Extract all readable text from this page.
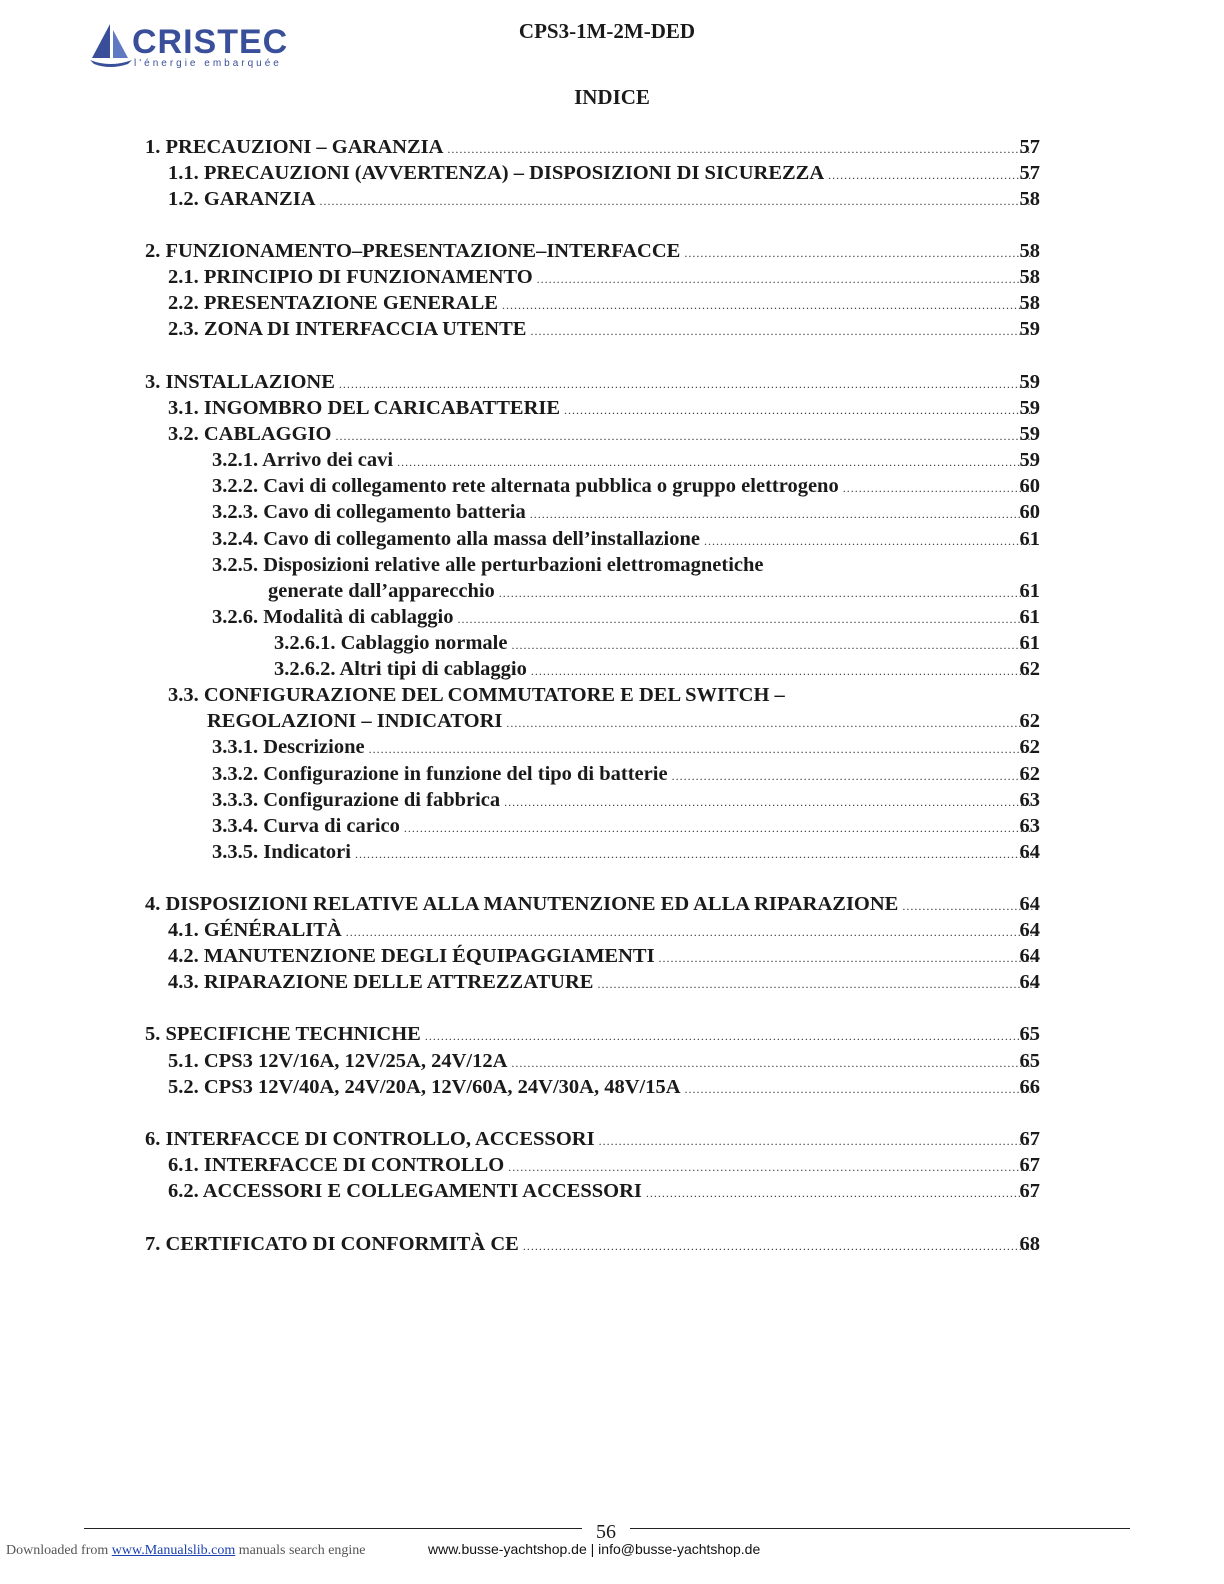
CRISTEC
l'énergie embarquée
CPS3-1M-2M-DED
INDICE
1. PRECAUZIONI – GARANZIA .....	57
1.1. PRECAUZIONI (AVVERTENZA) – DISPOSIZIONI DI SICUREZZA .....	57
1.2. GARANZIA .....	58
2. FUNZIONAMENTO–PRESENTAZIONE–INTERFACCE .....	58
2.1. PRINCIPIO DI FUNZIONAMENTO .....	58
2.2. PRESENTAZIONE GENERALE .....	58
2.3. ZONA DI INTERFACCIA UTENTE .....	59
3. INSTALLAZIONE .....	59
3.1. INGOMBRO DEL CARICABATTERIE .....	59
3.2. CABLAGGIO .....	59
3.2.1. Arrivo dei cavi .....	59
3.2.2. Cavi di collegamento rete alternata pubblica o gruppo elettrogeno .....	60
3.2.3. Cavo di collegamento batteria .....	60
3.2.4. Cavo di collegamento alla massa dell’installazione .....	61
3.2.5. Disposizioni relative alle perturbazioni elettromagnetiche
generate dall’apparecchio .....	61
3.2.6. Modalità di cablaggio .....	61
3.2.6.1. Cablaggio normale .....	61
3.2.6.2. Altri tipi di cablaggio .....	62
3.3. CONFIGURAZIONE DEL COMMUTATORE E DEL SWITCH –
REGOLAZIONI – INDICATORI .....	62
3.3.1. Descrizione .....	62
3.3.2. Configurazione in funzione del tipo di batterie .....	62
3.3.3. Configurazione di fabbrica .....	63
3.3.4. Curva di carico .....	63
3.3.5. Indicatori .....	64
4. DISPOSIZIONI RELATIVE ALLA MANUTENZIONE ED ALLA RIPARAZIONE .....	64
4.1. GÉNÉRALITÀ .....	64
4.2. MANUTENZIONE DEGLI ÉQUIPAGGIAMENTI .....	64
4.3. RIPARAZIONE DELLE ATTREZZATURE .....	64
5. SPECIFICHE TECHNICHE .....	65
5.1. CPS3 12V/16A, 12V/25A, 24V/12A .....	65
5.2. CPS3 12V/40A, 24V/20A, 12V/60A, 24V/30A, 48V/15A .....	66
6. INTERFACCE DI CONTROLLO, ACCESSORI .....	67
6.1. INTERFACCE DI CONTROLLO .....	67
6.2. ACCESSORI E COLLEGAMENTI ACCESSORI .....	67
7. CERTIFICATO DI CONFORMITÀ CE .....	68
56
Downloaded from www.Manualslib.com manuals search engine	www.busse-yachtshop.de | info@busse-yachtshop.de
